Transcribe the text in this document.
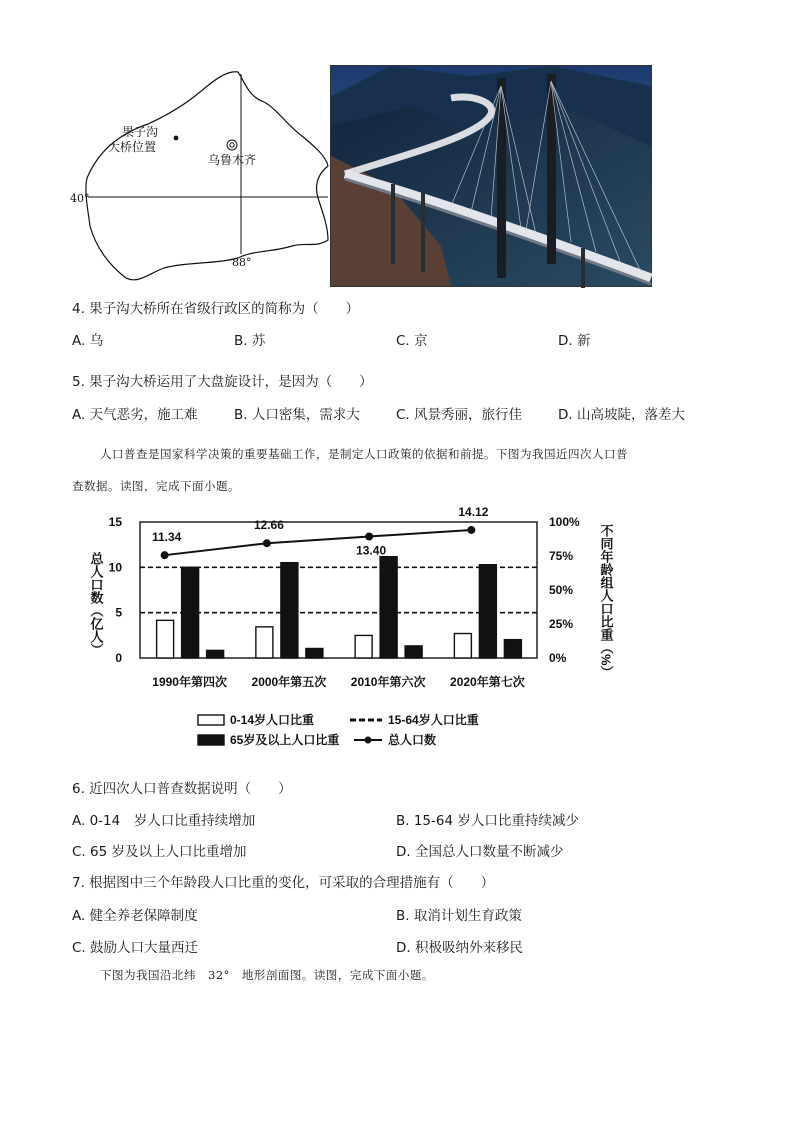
果子沟
大桥位置
乌鲁木齐
40°
88°
4. 果子沟大桥所在省级行政区的简称为（　　）
A. 乌	B. 苏	C. 京	D. 新
5. 果子沟大桥运用了大盘旋设计，是因为（　　）
A. 天气恶劣，施工难	B. 人口密集，需求大	C. 风景秀丽，旅行佳	D. 山高坡陡，落差大
人口普查是国家科学决策的重要基础工作，是制定人口政策的依据和前提。下图为我国近四次人口普
查数据。读图，完成下面小题。
15
10
5
0
100%
75%
50%
25%
0%
总人口数（亿人）	不同年龄组人口比重（%）
1990年第四次 2000年第五次 2010年第六次 2020年第七次
11.34
12.66
13.40
14.12
0-14岁人口比重	15-64岁人口比重
65岁及以上人口比重	总人口数
6. 近四次人口普查数据说明（　　）
A. 0-14　岁人口比重持续增加	B. 15-64 岁人口比重持续减少
C. 65 岁及以上人口比重增加	D. 全国总人口数量不断减少
7. 根据图中三个年龄段人口比重的变化，可采取的合理措施有（　　）
A. 健全养老保障制度	B. 取消计划生育政策
C. 鼓励人口大量西迁	D. 积极吸纳外来移民
下图为我国沿北纬　32°　地形剖面图。读图，完成下面小题。
